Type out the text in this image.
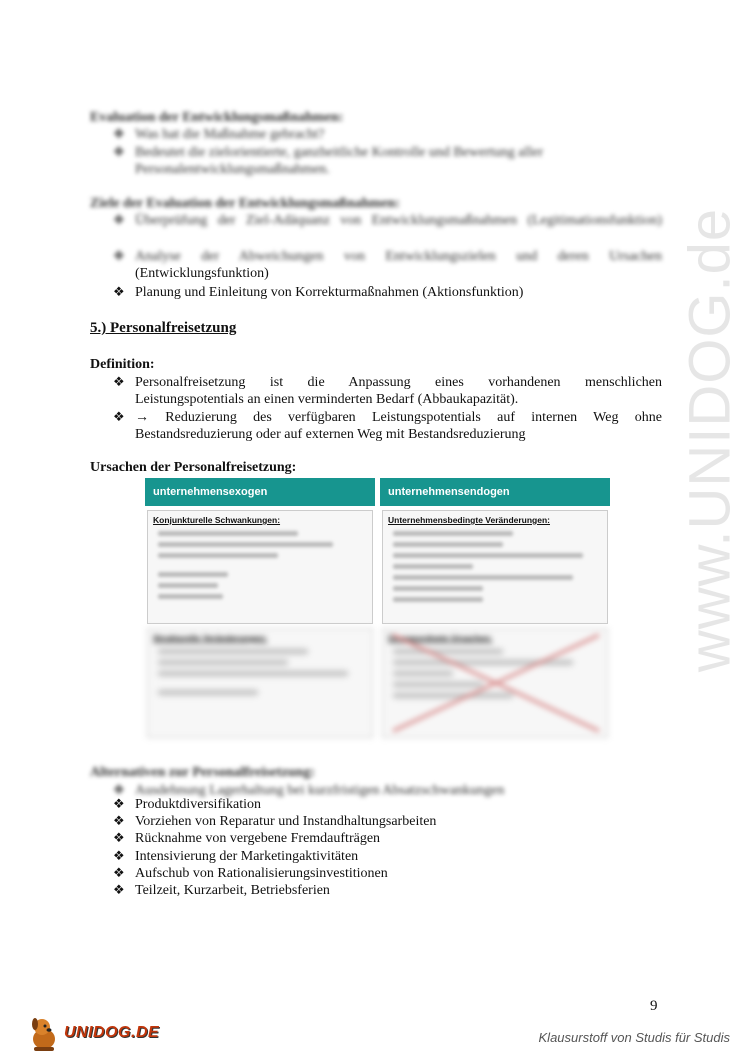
www.UNIDOG.de
Evaluation der Entwicklungsmaßnahmen:
❖ Was hat die Maßnahme gebracht?
❖ Bedeutet die zielorientierte, ganzheitliche Kontrolle und Bewertung aller Personalentwicklungsmaßnahmen.
Ziele der Evaluation der Entwicklungsmaßnahmen:
❖ Überprüfung der Ziel-Adäquanz von Entwicklungsmaßnahmen (Legitimationsfunktion)
❖ Analyse der Abweichungen von Entwicklungszielen und deren Ursachen
(Entwicklungsfunktion)
❖ Planung und Einleitung von Korrekturmaßnahmen (Aktionsfunktion)
5.) Personalfreisetzung
Definition:
❖ Personalfreisetzung ist die Anpassung eines vorhandenen menschlichen
Leistungspotentials an einen verminderten Bedarf (Abbaukapazität).
❖ → Reduzierung des verfügbaren Leistungspotentials auf internen Weg ohne
Bestandsreduzierung oder auf externen Weg mit Bestandsreduzierung
Ursachen der Personalfreisetzung:
unternehmensexogen
Konjunkturelle Schwankungen:
Strukturelle Veränderungen:
unternehmensendogen
Unternehmensbedingte Veränderungen:
Übergeordnete Ursachen:
Alternativen zur Personalfreisetzung:
❖ Ausdehnung Lagerhaltung bei kurzfristigen Absatzschwankungen
❖ Produktdiversifikation
❖ Vorziehen von Reparatur und Instandhaltungsarbeiten
❖ Rücknahme von vergebene Fremdaufträgen
❖ Intensivierung der Marketingaktivitäten
❖ Aufschub von Rationalisierungsinvestitionen
❖ Teilzeit, Kurzarbeit, Betriebsferien
9
UNIDOG.DE	Klausurstoff von Studis für Studis
